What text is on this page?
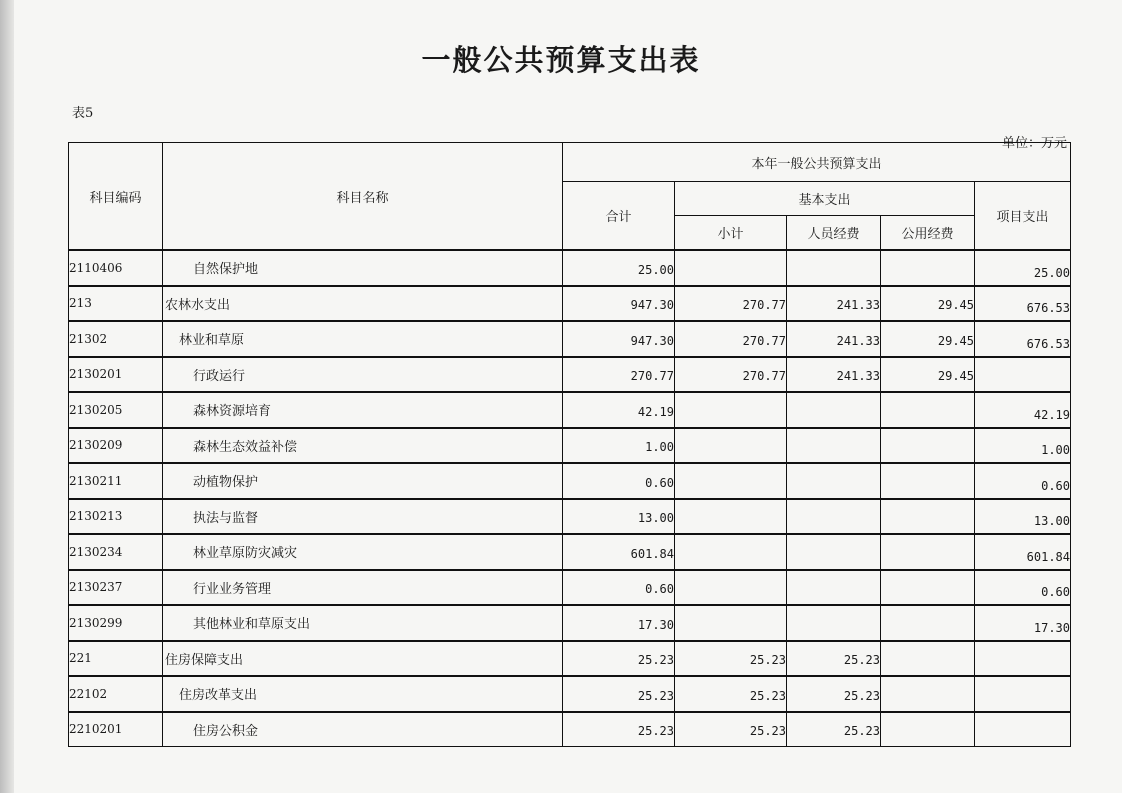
一般公共预算支出表
表5
单位：万元
科目编码	科目名称	本年一般公共预算支出				
		合计	基本支出			项目支出
			小计	人员经费	公用经费	
2110406	自然保护地	25.00				25.00
213	农林水支出	947.30	270.77	241.33	29.45	676.53
21302	林业和草原	947.30	270.77	241.33	29.45	676.53
2130201	行政运行	270.77	270.77	241.33	29.45	
2130205	森林资源培育	42.19				42.19
2130209	森林生态效益补偿	1.00				1.00
2130211	动植物保护	0.60				0.60
2130213	执法与监督	13.00				13.00
2130234	林业草原防灾减灾	601.84				601.84
2130237	行业业务管理	0.60				0.60
2130299	其他林业和草原支出	17.30				17.30
221	住房保障支出	25.23	25.23	25.23		
22102	住房改革支出	25.23	25.23	25.23		
2210201	住房公积金	25.23	25.23	25.23		
